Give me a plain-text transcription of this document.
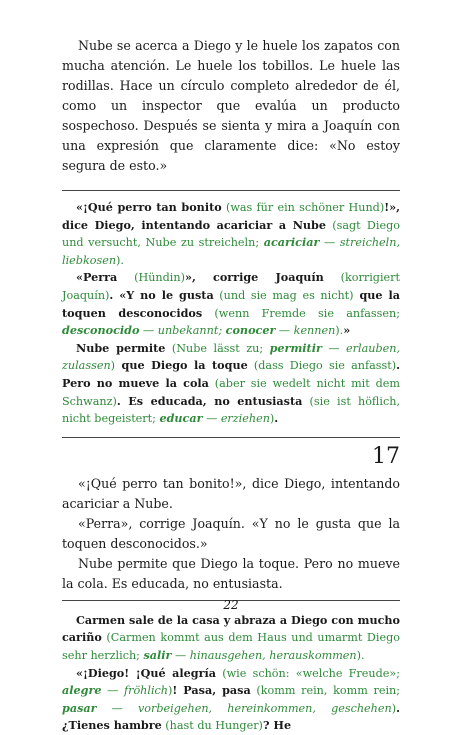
Nube se acerca a Diego y le huele los zapatos con mucha atención. Le huele los tobillos. Le huele las rodillas. Hace un círculo completo alrededor de él, como un inspector que evalúa un producto sospechoso. Después se sienta y mira a Joaquín con una expresión que claramente dice: «No estoy segura de esto.»

«¡Qué perro tan bonito (was für ein schöner Hund)!», dice Diego, intentando acariciar a Nube (sagt Diego und versucht, Nube zu streicheln; acariciar — streicheln, liebkosen).

«Perra (Hündin)», corrige Joaquín (korrigiert Joaquín). «Y no le gusta (und sie mag es nicht) que la toquen desconocidos (wenn Fremde sie anfassen; desconocido — unbekannt; conocer — kennen).»

Nube permite (Nube lässt zu; permitir — erlauben, zulassen) que Diego la toque (dass Diego sie anfasst). Pero no mueve la cola (aber sie wedelt nicht mit dem Schwanz). Es educada, no entusiasta (sie ist höflich, nicht begeistert; educar — erziehen).

17

«¡Qué perro tan bonito!», dice Diego, intentando acariciar a Nube.

«Perra», corrige Joaquín. «Y no le gusta que la toquen desconocidos.»

Nube permite que Diego la toque. Pero no mueve la cola. Es educada, no entusiasta.

Carmen sale de la casa y abraza a Diego con mucho cariño (Carmen kommt aus dem Haus und umarmt Diego sehr herzlich; salir — hinausgehen, herauskommen).

«¡Diego! ¡Qué alegría (wie schön: «welche Freude»; alegre — fröhlich)! Pasa, pasa (komm rein, komm rein; pasar — vorbeigehen, hereinkommen, geschehen). ¿Tienes hambre (hast du Hunger)? He

22
